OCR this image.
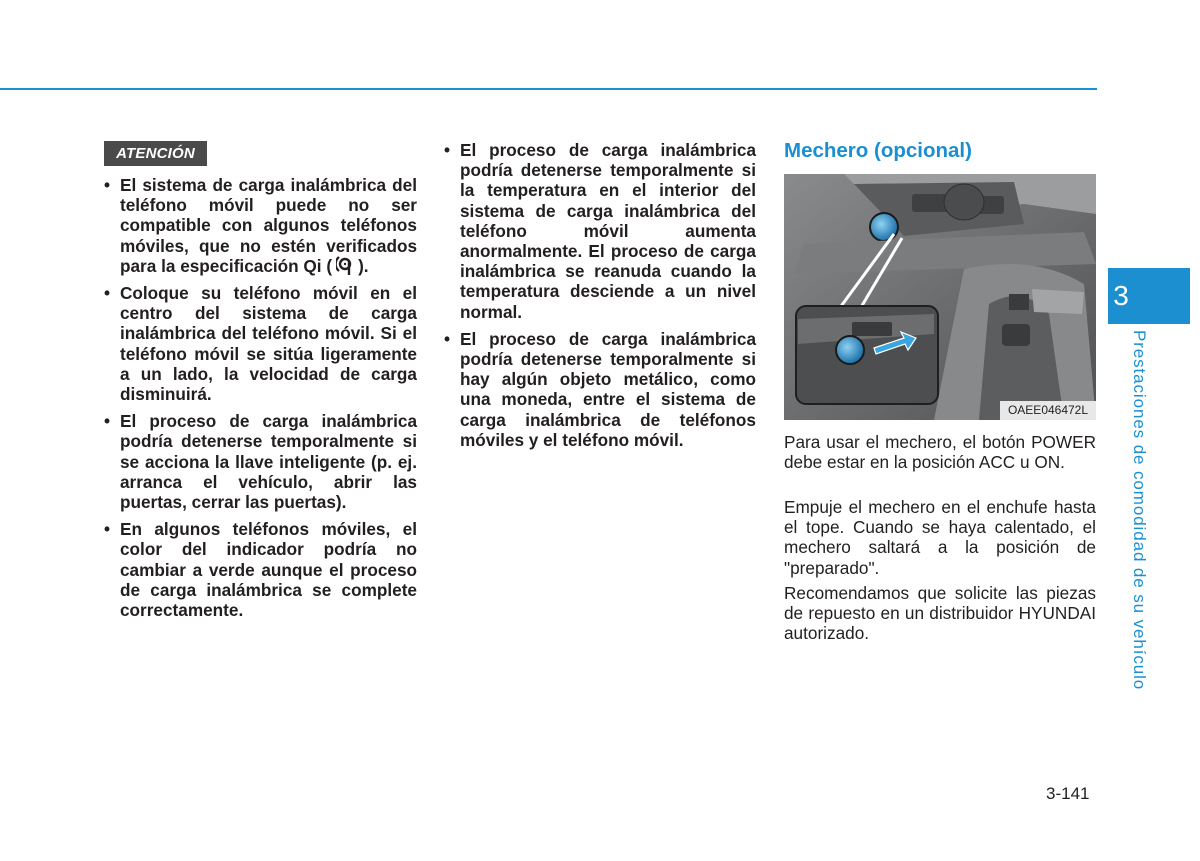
ATENCIÓN
• El sistema de carga inalámbrica del teléfono móvil puede no ser compatible con algunos teléfonos móviles, que no estén verificados para la especificación Qi ( ).
• Coloque su teléfono móvil en el centro del sistema de carga inalámbrica del teléfono móvil. Si el teléfono móvil se sitúa ligeramente a un lado, la velocidad de carga disminuirá.
• El proceso de carga inalámbrica podría detenerse temporalmente si se acciona la llave inteligente (p. ej. arranca el vehículo, abrir las puertas, cerrar las puertas).
• En algunos teléfonos móviles, el color del indicador podría no cambiar a verde aunque el proceso de carga inalámbrica se complete correctamente.
• El proceso de carga inalámbrica podría detenerse temporalmente si la temperatura en el interior del sistema de carga inalámbrica del teléfono móvil aumenta anormalmente. El proceso de carga inalámbrica se reanuda cuando la temperatura desciende a un nivel normal.
• El proceso de carga inalámbrica podría detenerse temporalmente si hay algún objeto metálico, como una moneda, entre el sistema de carga inalámbrica de teléfonos móviles y el teléfono móvil.
Mechero (opcional)
OAEE046472L

Para usar el mechero, el botón POWER debe estar en la posición ACC u ON.

Empuje el mechero en el enchufe hasta el tope. Cuando se haya calentado, el mechero saltará a la posición de "preparado".

Recomendamos que solicite las piezas de repuesto en un distribuidor HYUNDAI autorizado.

3
Prestaciones de comodidad de su vehículo
3-141
